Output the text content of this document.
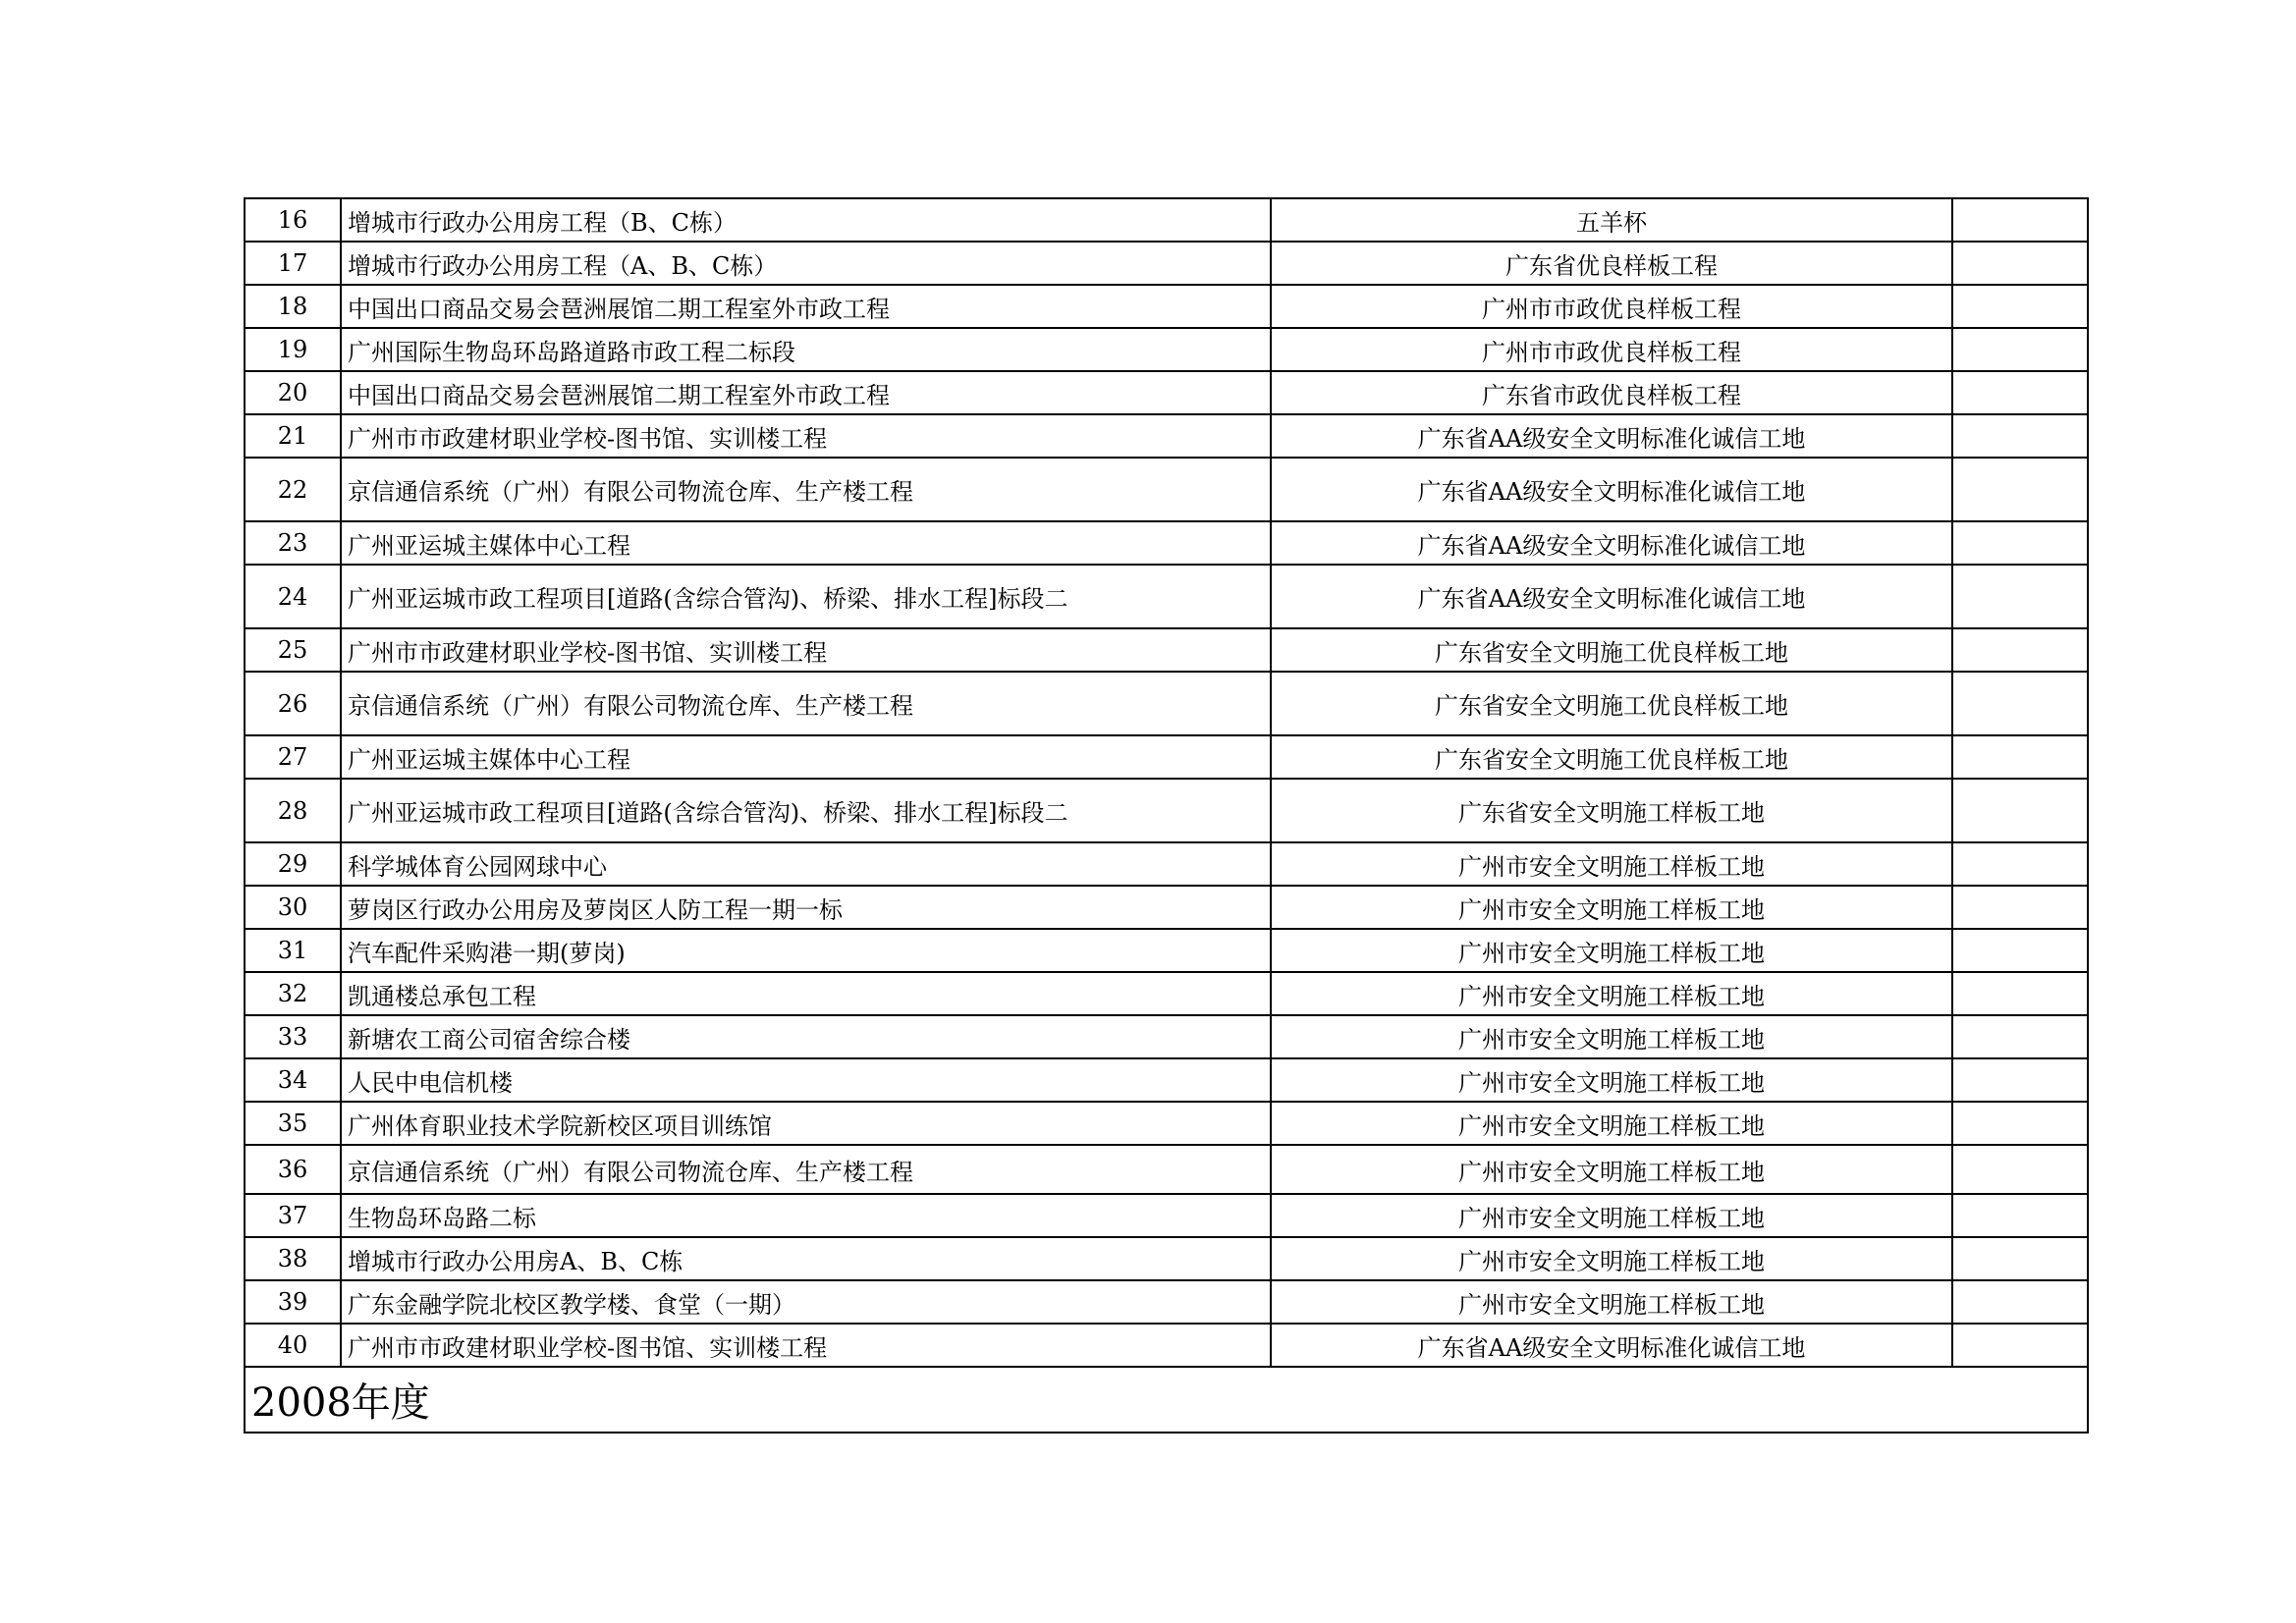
16	增城市行政办公用房工程（B、C栋）	五羊杯	
17	增城市行政办公用房工程（A、B、C栋）	广东省优良样板工程	
18	中国出口商品交易会琶洲展馆二期工程室外市政工程	广州市市政优良样板工程	
19	广州国际生物岛环岛路道路市政工程二标段	广州市市政优良样板工程	
20	中国出口商品交易会琶洲展馆二期工程室外市政工程	广东省市政优良样板工程	
21	广州市市政建材职业学校-图书馆、实训楼工程	广东省AA级安全文明标准化诚信工地	
22	京信通信系统（广州）有限公司物流仓库、生产楼工程	广东省AA级安全文明标准化诚信工地	
23	广州亚运城主媒体中心工程	广东省AA级安全文明标准化诚信工地	
24	广州亚运城市政工程项目[道路(含综合管沟)、桥梁、排水工程]标段二	广东省AA级安全文明标准化诚信工地	
25	广州市市政建材职业学校-图书馆、实训楼工程	广东省安全文明施工优良样板工地	
26	京信通信系统（广州）有限公司物流仓库、生产楼工程	广东省安全文明施工优良样板工地	
27	广州亚运城主媒体中心工程	广东省安全文明施工优良样板工地	
28	广州亚运城市政工程项目[道路(含综合管沟)、桥梁、排水工程]标段二	广东省安全文明施工样板工地	
29	科学城体育公园网球中心	广州市安全文明施工样板工地	
30	萝岗区行政办公用房及萝岗区人防工程一期一标	广州市安全文明施工样板工地	
31	汽车配件采购港一期(萝岗)	广州市安全文明施工样板工地	
32	凯通楼总承包工程	广州市安全文明施工样板工地	
33	新塘农工商公司宿舍综合楼	广州市安全文明施工样板工地	
34	人民中电信机楼	广州市安全文明施工样板工地	
35	广州体育职业技术学院新校区项目训练馆	广州市安全文明施工样板工地	
36	京信通信系统（广州）有限公司物流仓库、生产楼工程	广州市安全文明施工样板工地	
37	生物岛环岛路二标	广州市安全文明施工样板工地	
38	增城市行政办公用房A、B、C栋	广州市安全文明施工样板工地	
39	广东金融学院北校区教学楼、食堂（一期）	广州市安全文明施工样板工地	
40	广州市市政建材职业学校-图书馆、实训楼工程	广东省AA级安全文明标准化诚信工地	
2008年度			
